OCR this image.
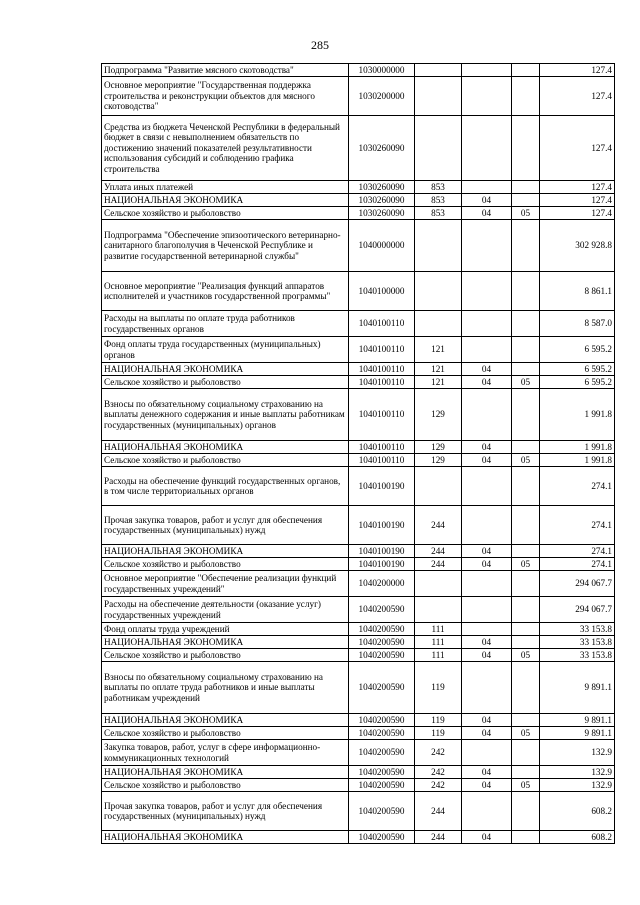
285
Подпрограмма "Развитие мясного скотоводства"	1030000000				127.4
Основное мероприятие "Государственная поддержка строительства и реконструкции объектов для мясного скотоводства"	1030200000				127.4
Средства из бюджета Чеченской Республики в федеральный бюджет в связи с невыполнением обязательств по достижению значений показателей результативности использования субсидий и соблюдению графика строительства	1030260090				127.4
Уплата иных платежей	1030260090	853			127.4
НАЦИОНАЛЬНАЯ ЭКОНОМИКА	1030260090	853	04		127.4
Сельское хозяйство и рыболовство	1030260090	853	04	05	127.4
Подпрограмма "Обеспечение эпизоотического ветеринарно-санитарного благополучия в Чеченской Республике и развитие государственной ветеринарной службы"	1040000000				302 928.8
Основное мероприятие "Реализация функций аппаратов исполнителей и участников государственной программы"	1040100000				8 861.1
Расходы на выплаты по оплате труда работников государственных органов	1040100110				8 587.0
Фонд оплаты труда государственных (муниципальных) органов	1040100110	121			6 595.2
НАЦИОНАЛЬНАЯ ЭКОНОМИКА	1040100110	121	04		6 595.2
Сельское хозяйство и рыболовство	1040100110	121	04	05	6 595.2
Взносы по обязательному социальному страхованию на выплаты денежного содержания и иные выплаты работникам государственных (муниципальных) органов	1040100110	129			1 991.8
НАЦИОНАЛЬНАЯ ЭКОНОМИКА	1040100110	129	04		1 991.8
Сельское хозяйство и рыболовство	1040100110	129	04	05	1 991.8
Расходы на обеспечение функций государственных органов, в том числе территориальных органов	1040100190				274.1
Прочая закупка товаров, работ и услуг для обеспечения государственных (муниципальных) нужд	1040100190	244			274.1
НАЦИОНАЛЬНАЯ ЭКОНОМИКА	1040100190	244	04		274.1
Сельское хозяйство и рыболовство	1040100190	244	04	05	274.1
Основное мероприятие "Обеспечение реализации функций государственных учреждений"	1040200000				294 067.7
Расходы на обеспечение деятельности (оказание услуг) государственных учреждений	1040200590				294 067.7
Фонд оплаты труда учреждений	1040200590	111			33 153.8
НАЦИОНАЛЬНАЯ ЭКОНОМИКА	1040200590	111	04		33 153.8
Сельское хозяйство и рыболовство	1040200590	111	04	05	33 153.8
Взносы по обязательному социальному страхованию на выплаты по оплате труда работников и иные выплаты работникам учреждений	1040200590	119			9 891.1
НАЦИОНАЛЬНАЯ ЭКОНОМИКА	1040200590	119	04		9 891.1
Сельское хозяйство и рыболовство	1040200590	119	04	05	9 891.1
Закупка товаров, работ, услуг в сфере информационно-коммуникационных технологий	1040200590	242			132.9
НАЦИОНАЛЬНАЯ ЭКОНОМИКА	1040200590	242	04		132.9
Сельское хозяйство и рыболовство	1040200590	242	04	05	132.9
Прочая закупка товаров, работ и услуг для обеспечения государственных (муниципальных) нужд	1040200590	244			608.2
НАЦИОНАЛЬНАЯ ЭКОНОМИКА	1040200590	244	04		608.2
